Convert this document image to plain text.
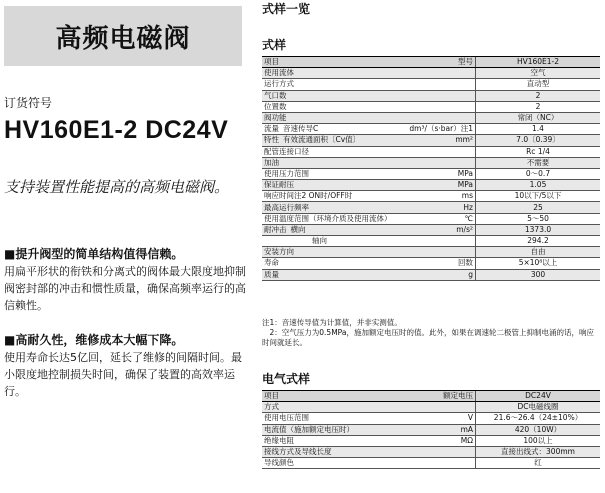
高频电磁阀
订货符号
HV160E1-2 DC24V
支持装置性能提高的高频电磁阀。
■提升阀型的简单结构值得信赖。
用扁平形状的衔铁和分离式的阀体最大限度地抑制阀密封部的冲击和惯性质量，确保高频率运行的高信赖性。
■高耐久性，维修成本大幅下降。
使用寿命长达5亿回，延长了维修的间隔时间。最小限度地控制损失时间，确保了装置的高效率运行。
式样一览
式样
项目	型号	HV160E1-2
使用流体		空气
运行方式		直动型
气口数		2
位置数		2
阀功能		常闭（NC）
流量 音速传导C	dm³/（s·bar）注1	1.4
特性 有效流通面积〔Cv值〕	mm²	7.0〔0.39〕
配管连接口径		Rc 1/4
加油		不需要
使用压力范围	MPa	0～0.7
保证耐压	MPa	1.05
响应时间注2 ON时/OFF时	ms	10以下/5以下
最高运行频率	Hz	25
使用温度范围（环境介质及使用流体）	℃	5～50
耐冲击 横向	m/s²	1373.0
轴向		294.2
安装方向		自由
寿命	回数	5×10⁸以上
质量	g	300
注1：音速传导值为计算值，并非实测值。
　2：空气压力为0.5MPa，施加额定电压时的值。此外，如果在调速轮二极管上抑制电涌的话，响应时间就延长。
电气式样
项目	额定电压	DC24V
方式		DC电磁线圈
使用电压范围	V	21.6～26.4（24±10%）
电流值（施加额定电压时）	mA	420（10W）
绝缘电阻	MΩ	100以上
接线方式及导线长度		直接出线式：300mm
导线颜色		红
